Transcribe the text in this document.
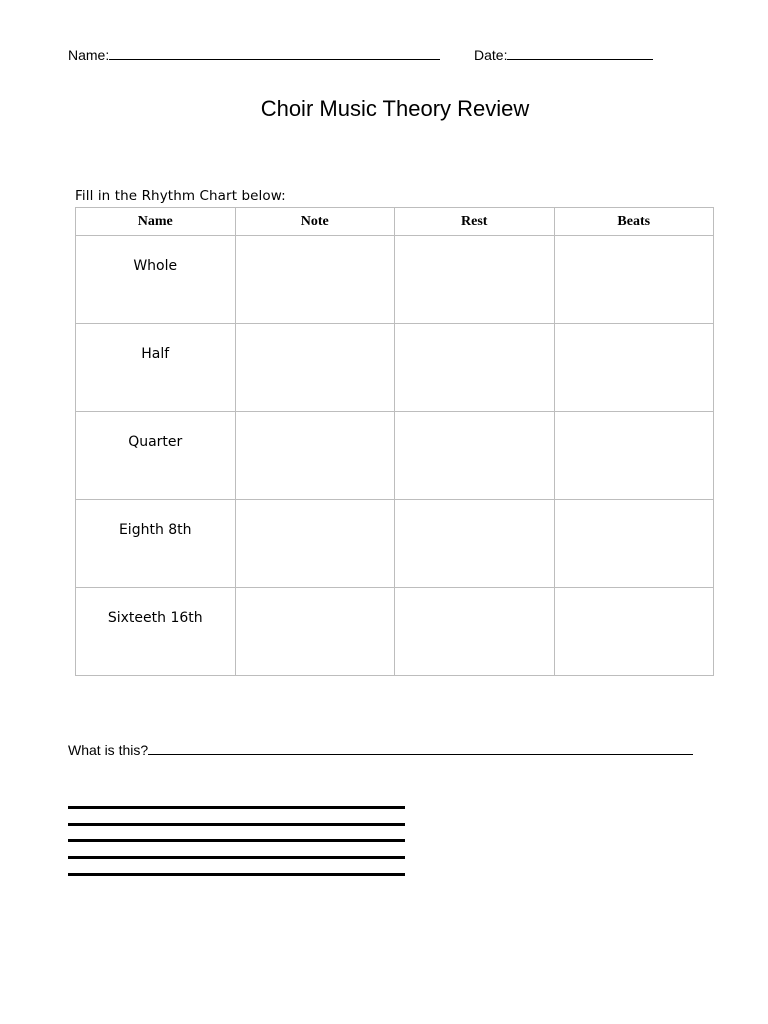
Name:	Date:
Choir Music Theory Review
Fill in the Rhythm Chart below:
Name	Note	Rest	Beats

Whole			

Half			

Quarter			

Eighth 8th			

Sixteeth 16th			

What is this?
